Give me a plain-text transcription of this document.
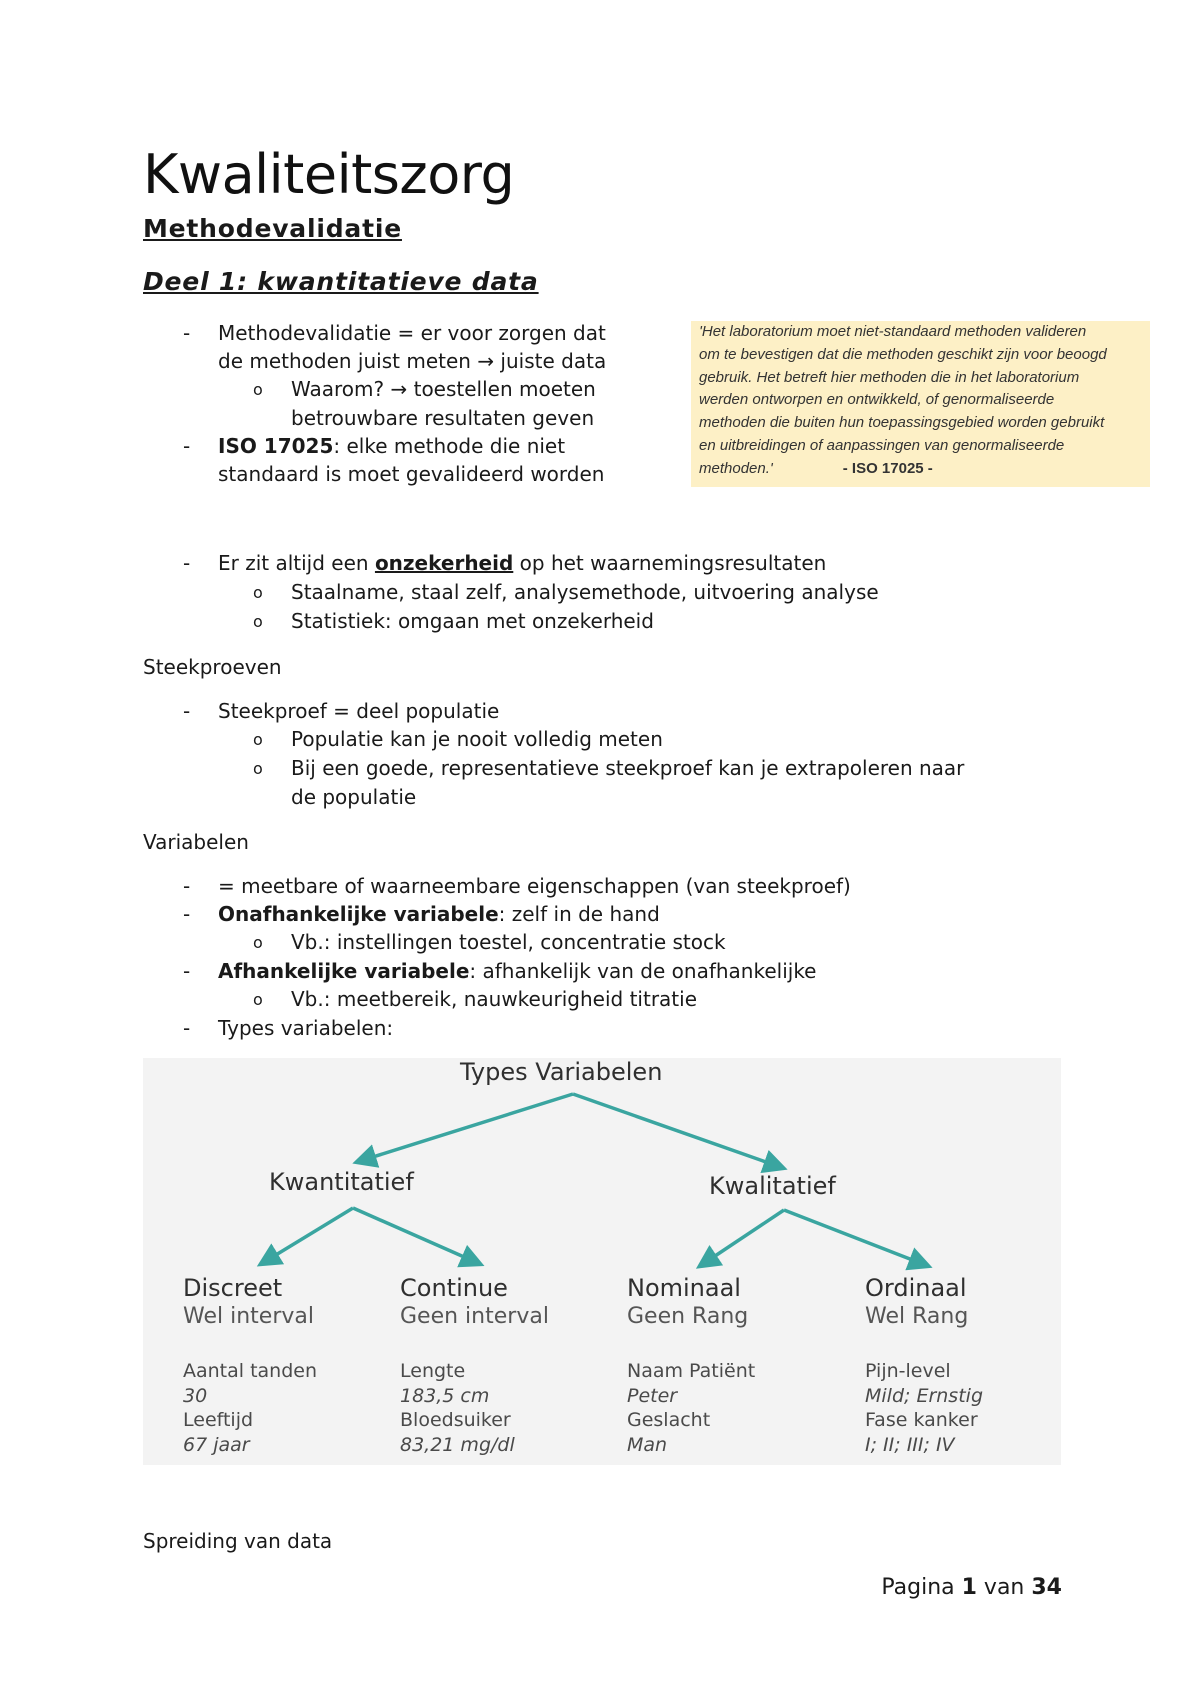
Kwaliteitszorg
Methodevalidatie
Deel 1: kwantitatieve data
-	Methodevalidatie = er voor zorgen dat
de methoden juist meten → juiste data
o Waarom? → toestellen moeten
betrouwbare resultaten geven
-	ISO 17025: elke methode die niet
standaard is moet gevalideerd worden
'Het laboratorium moet niet-standaard methoden valideren
om te bevestigen dat die methoden geschikt zijn voor beoogd
gebruik. Het betreft hier methoden die in het laboratorium
werden ontworpen en ontwikkeld, of genormaliseerde
methoden die buiten hun toepassingsgebied worden gebruikt
en uitbreidingen of aanpassingen van genormaliseerde
methoden.'	- ISO 17025 -
-	Er zit altijd een onzekerheid op het waarnemingsresultaten
o Staalname, staal zelf, analysemethode, uitvoering analyse
o Statistiek: omgaan met onzekerheid
Steekproeven
-	Steekproef = deel populatie
o Populatie kan je nooit volledig meten
o Bij een goede, representatieve steekproef kan je extrapoleren naar
de populatie
Variabelen
-	= meetbare of waarneembare eigenschappen (van steekproef)
-	Onafhankelijke variabele: zelf in de hand
o Vb.: instellingen toestel, concentratie stock
-	Afhankelijke variabele: afhankelijk van de onafhankelijke
o Vb.: meetbereik, nauwkeurigheid titratie
-	Types variabelen:
Types Variabelen
Kwantitatief	Kwalitatief
Discreet
Wel interval
Aantal tanden
30
Leeftijd
67 jaar
Continue
Geen interval
Lengte
183,5 cm
Bloedsuiker
83,21 mg/dl
Nominaal
Geen Rang
Naam Patiënt
Peter
Geslacht
Man
Ordinaal
Wel Rang
Pijn-level
Mild; Ernstig
Fase kanker
I; II; III; IV
Spreiding van data
Pagina 1 van 34
